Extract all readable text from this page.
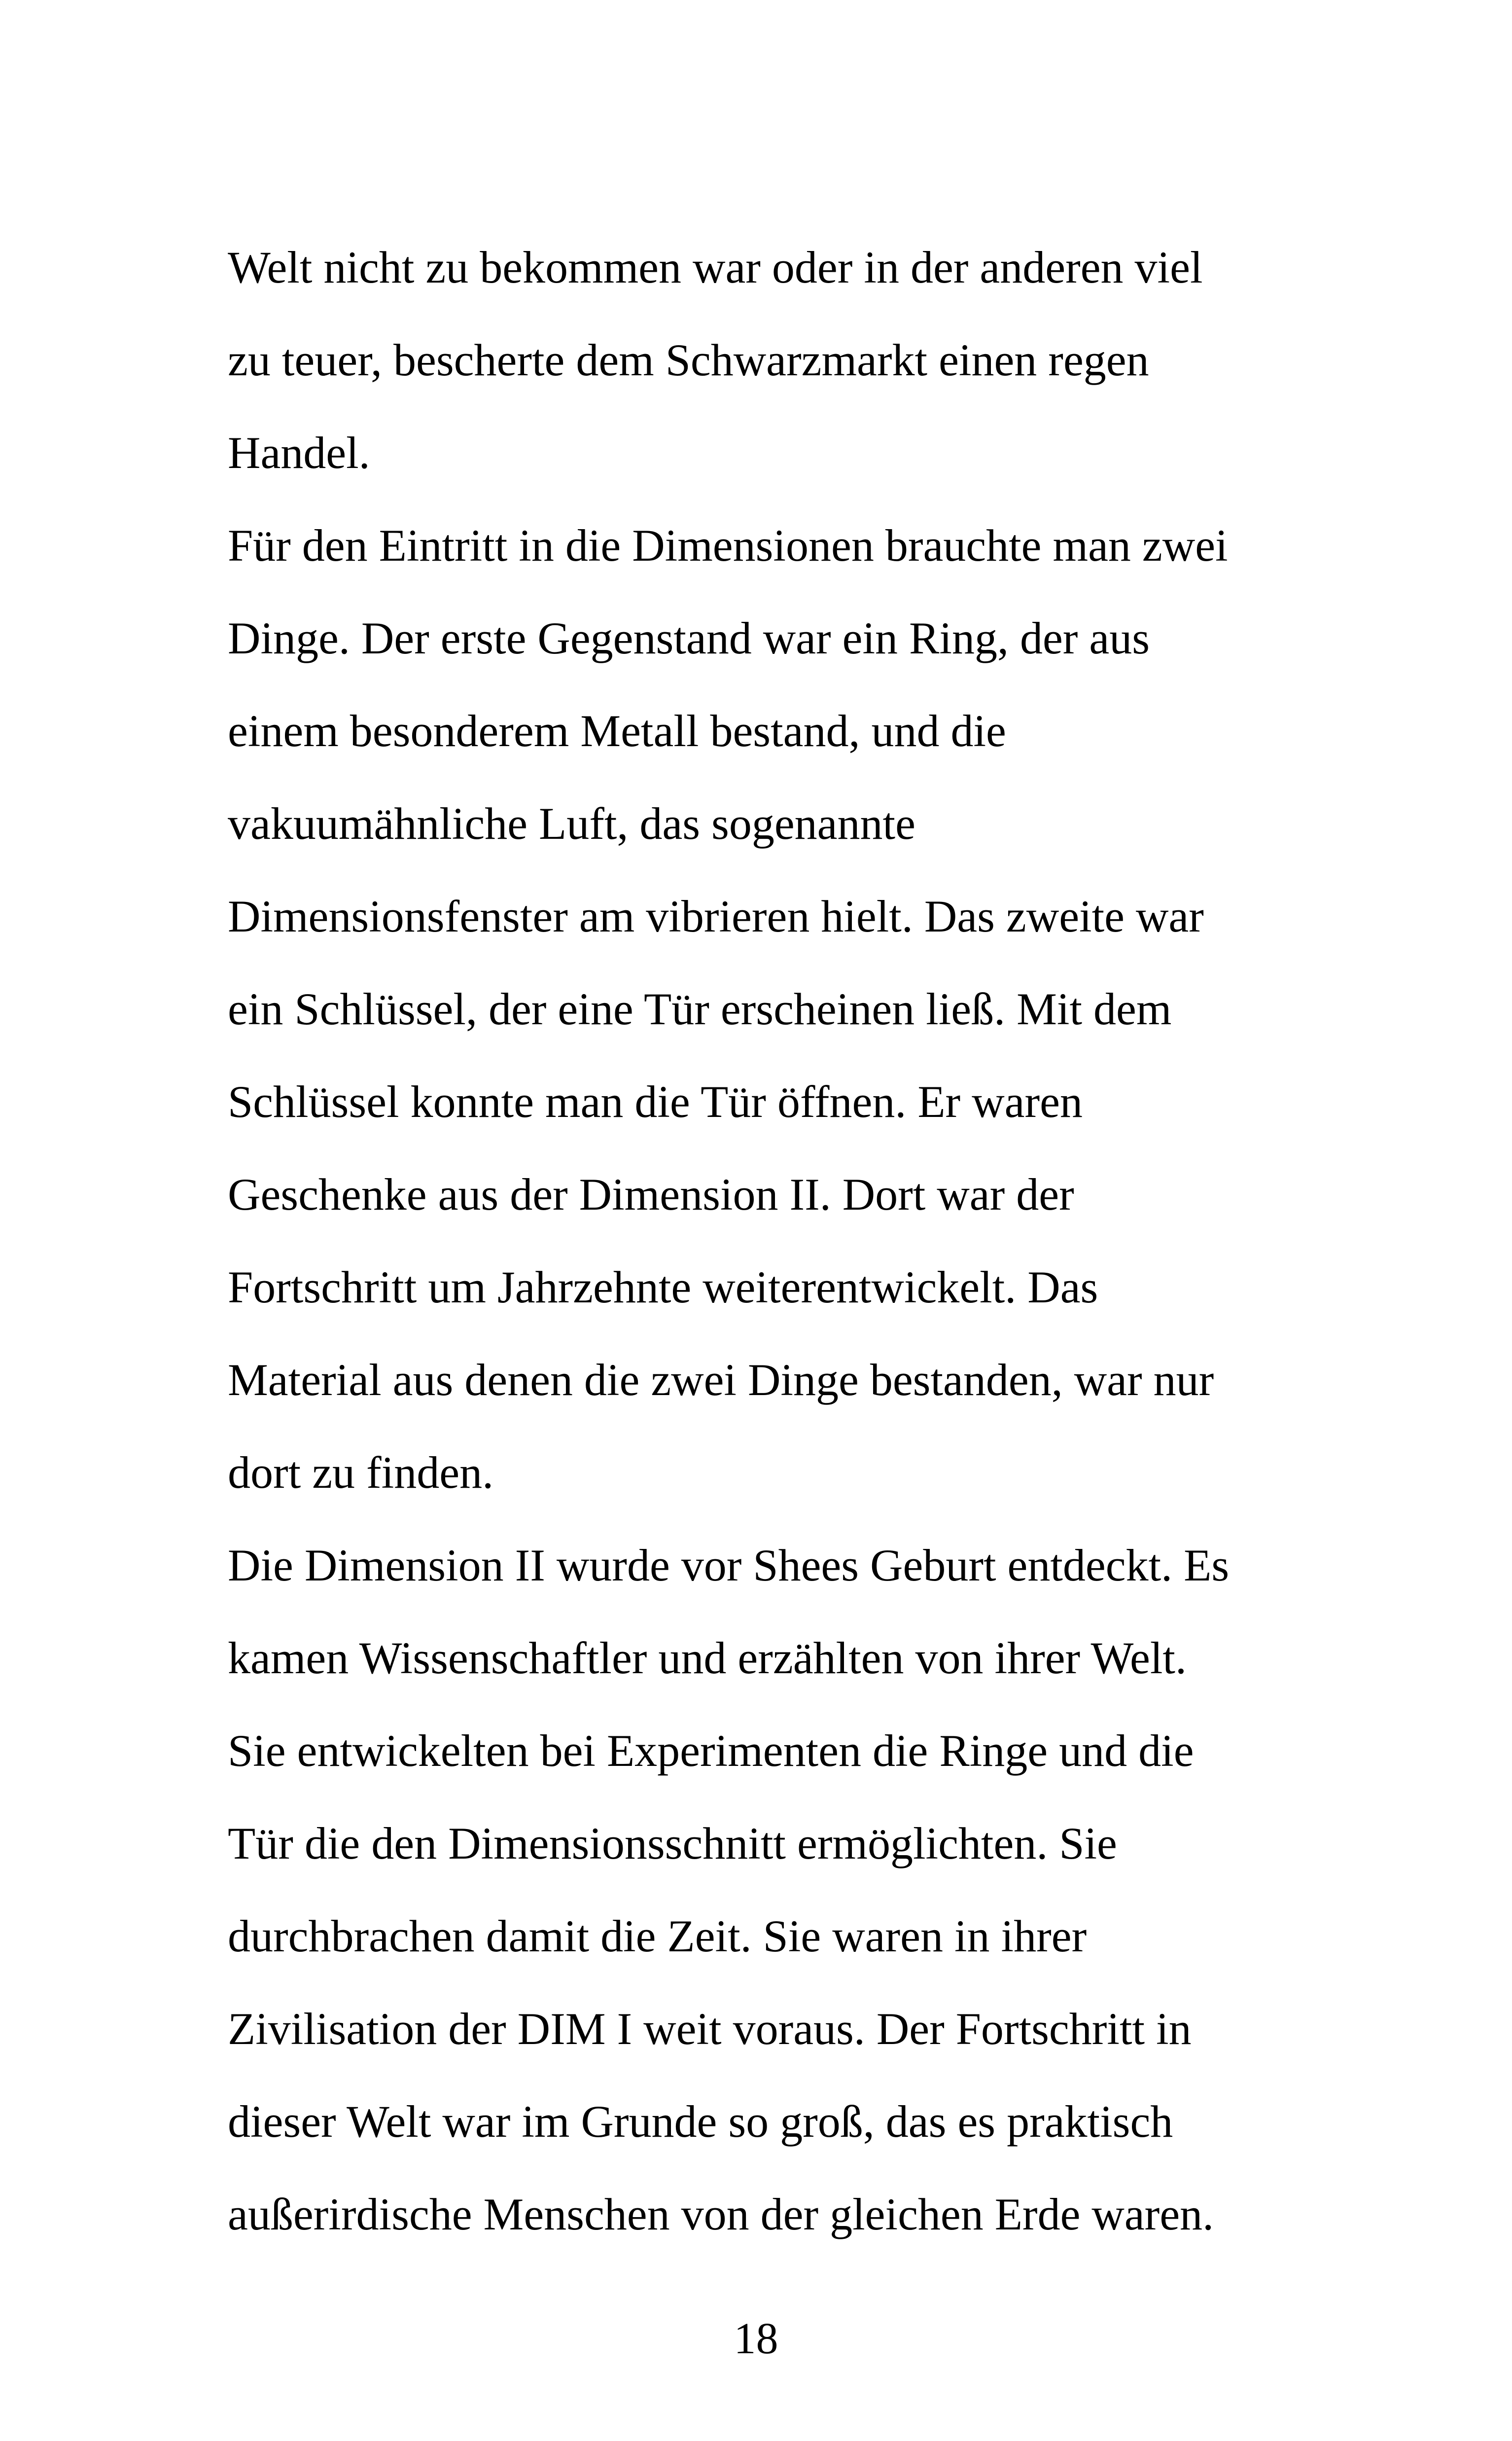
Welt nicht zu bekommen war oder in der anderen viel
zu teuer, bescherte dem Schwarzmarkt einen regen
Handel.
Für den Eintritt in die Dimensionen brauchte man zwei
Dinge. Der erste Gegenstand war ein Ring, der aus
einem besonderem Metall bestand, und die
vakuumähnliche Luft, das sogenannte
Dimensionsfenster am vibrieren hielt. Das zweite war
ein Schlüssel, der eine Tür erscheinen ließ. Mit dem
Schlüssel konnte man die Tür öffnen. Er waren
Geschenke aus der Dimension II. Dort war der
Fortschritt um Jahrzehnte weiterentwickelt. Das
Material aus denen die zwei Dinge bestanden, war nur
dort zu finden.
Die Dimension II wurde vor Shees Geburt entdeckt. Es
kamen Wissenschaftler und erzählten von ihrer Welt.
Sie entwickelten bei Experimenten die Ringe und die
Tür die den Dimensionsschnitt ermöglichten. Sie
durchbrachen damit die Zeit. Sie waren in ihrer
Zivilisation der DIM I weit voraus. Der Fortschritt in
dieser Welt war im Grunde so groß, das es praktisch
außerirdische Menschen von der gleichen Erde waren.
18
